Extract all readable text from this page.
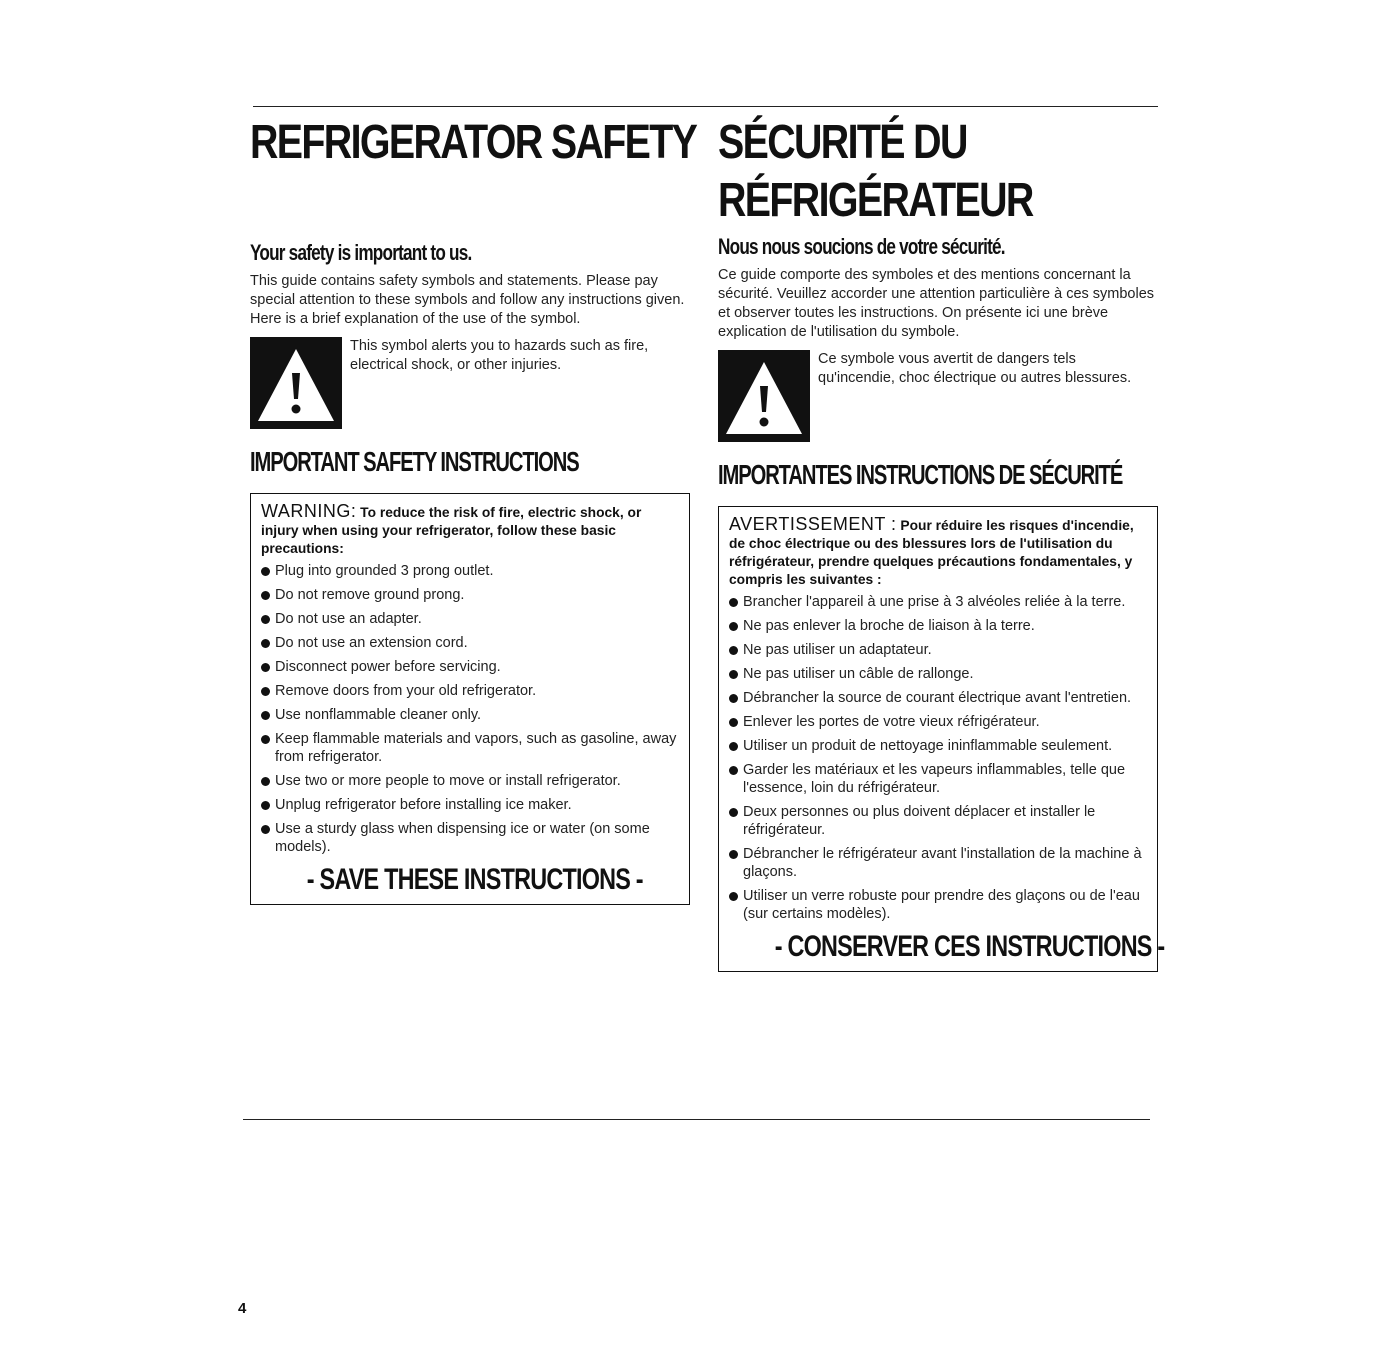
REFRIGERATOR SAFETY
Your safety is important to us.

This guide contains safety symbols and statements. Please pay special attention to these symbols and follow any instructions given. Here is a brief explanation of the use of the symbol.

This symbol alerts you to hazards such as fire, electrical shock, or other injuries.

IMPORTANT SAFETY INSTRUCTIONS

WARNING: To reduce the risk of fire, electric shock, or injury when using your refrigerator, follow these basic precautions:

Plug into grounded 3 prong outlet.
Do not remove ground prong.
Do not use an adapter.
Do not use an extension cord.
Disconnect power before servicing.
Remove doors from your old refrigerator.
Use nonflammable cleaner only.
Keep flammable materials and vapors, such as gasoline, away from refrigerator.
Use two or more people to move or install refrigerator.
Unplug refrigerator before installing ice maker.
Use a sturdy glass when dispensing ice or water (on some models).
- SAVE THESE INSTRUCTIONS -
SÉCURITÉ DU
RÉFRIGÉRATEUR
Nous nous soucions de votre sécurité.

Ce guide comporte des symboles et des mentions concernant la sécurité. Veuillez accorder une attention particulière à ces symboles et observer toutes les instructions. On présente ici une brève explication de l'utilisation du symbole.

Ce symbole vous avertit de dangers tels qu'incendie, choc électrique ou autres blessures.

IMPORTANTES INSTRUCTIONS DE SÉCURITÉ

AVERTISSEMENT : Pour réduire les risques d'incendie, de choc électrique ou des blessures lors de l'utilisation du réfrigérateur, prendre quelques précautions fondamentales, y compris les suivantes :

Brancher l'appareil à une prise à 3 alvéoles reliée à la terre.
Ne pas enlever la broche de liaison à la terre.
Ne pas utiliser un adaptateur.
Ne pas utiliser un câble de rallonge.
Débrancher la source de courant électrique avant l'entretien.
Enlever les portes de votre vieux réfrigérateur.
Utiliser un produit de nettoyage ininflammable seulement.
Garder les matériaux et les vapeurs inflammables, telle que l'essence, loin du réfrigérateur.
Deux personnes ou plus doivent déplacer et installer le réfrigérateur.
Débrancher le réfrigérateur avant l'installation de la machine à glaçons.
Utiliser un verre robuste pour prendre des glaçons ou de l'eau (sur certains modèles).
- CONSERVER CES INSTRUCTIONS -
4
